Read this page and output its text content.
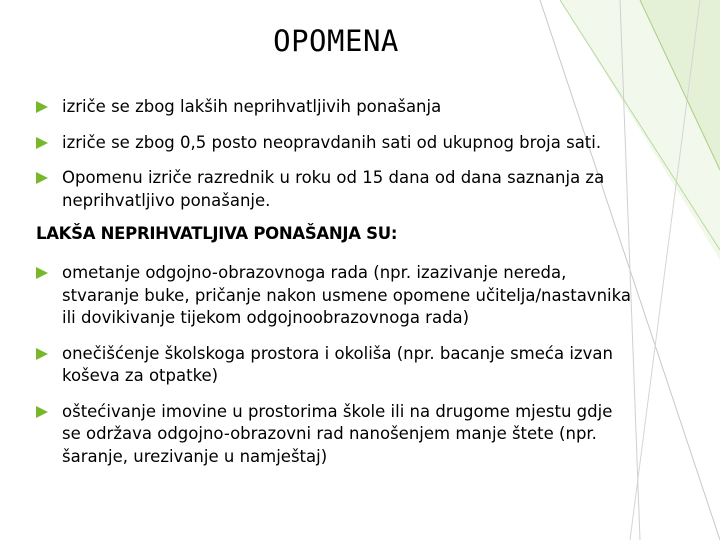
OPOMENA
izriče se zbog lakših neprihvatljivih ponašanja
izriče se zbog 0,5 posto neopravdanih sati od ukupnog broja sati.
Opomenu izriče razrednik u roku od 15 dana od dana saznanja za neprihvatljivo ponašanje.
LAKŠA NEPRIHVATLJIVA PONAŠANJA SU:
ometanje odgojno-obrazovnoga rada (npr. izazivanje nereda, stvaranje buke, pričanje nakon usmene opomene učitelja/nastavnika ili dovikivanje tijekom odgojnoobrazovnoga rada)
onečišćenje školskoga prostora i okoliša (npr. bacanje smeća izvan koševa za otpatke)
oštećivanje imovine u prostorima škole ili na drugome mjestu gdje se održava odgojno-obrazovni rad nanošenjem manje štete (npr. šaranje, urezivanje u namještaj)
